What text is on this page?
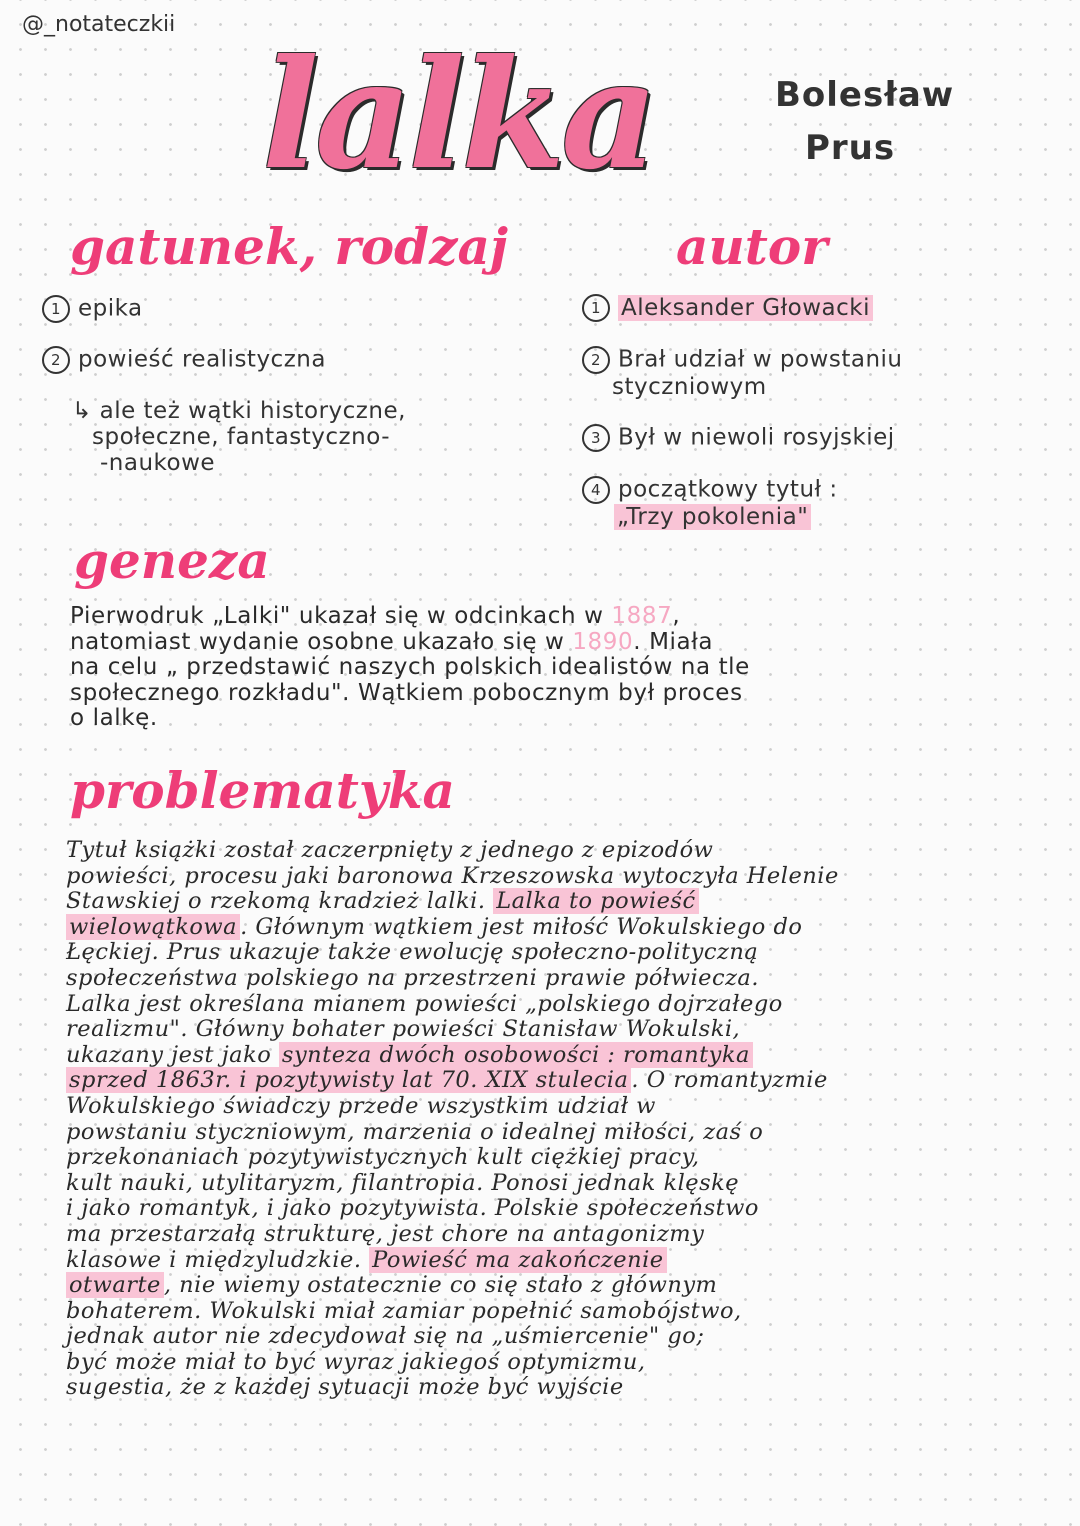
@_notateczkii
lalka	Bolesław
Prus
gatunek, rodzaj
1 epika
2 powieść realistyczna
↳ ale też wątki historyczne,
społeczne, fantastyczno-
-naukowe
autor
1 Aleksander Głowacki
2 Brał udział w powstaniu
styczniowym
3 Był w niewoli rosyjskiej
4 początkowy tytuł :
„Trzy pokolenia"
geneza
Pierwodruk „Lalki" ukazał się w odcinkach w 1887,
natomiast wydanie osobne ukazało się w 1890. Miała
na celu „ przedstawić naszych polskich idealistów na tle
społecznego rozkładu". Wątkiem pobocznym był proces
o lalkę.
problematyka
Tytuł książki został zaczerpnięty z jednego z epizodów
powieści, procesu jaki baronowa Krzeszowska wytoczyła Helenie
Stawskiej o rzekomą kradzież lalki. Lalka to powieść
wielowątkowa . Głównym wątkiem jest miłość Wokulskiego do
Łęckiej. Prus ukazuje także ewolucję społeczno-polityczną
społeczeństwa polskiego na przestrzeni prawie półwiecza.
Lalka jest określana mianem powieści „polskiego dojrzałego
realizmu". Główny bohater powieści Stanisław Wokulski,
ukazany jest jako synteza dwóch osobowości : romantyka
sprzed 1863r. i pozytywisty lat 70. XIX stulecia . O romantyzmie
Wokulskiego świadczy przede wszystkim udział w
powstaniu styczniowym, marzenia o idealnej miłości, zaś o
przekonaniach pozytywistycznych kult ciężkiej pracy,
kult nauki, utylitaryzm, filantropia. Ponosi jednak klęskę
i jako romantyk, i jako pozytywista. Polskie społeczeństwo
ma przestarzałą strukturę, jest chore na antagonizmy
klasowe i międzyludzkie. Powieść ma zakończenie
otwarte , nie wiemy ostatecznie co się stało z głównym
bohaterem. Wokulski miał zamiar popełnić samobójstwo,
jednak autor nie zdecydował się na „uśmiercenie" go;
być może miał to być wyraz jakiegoś optymizmu,
sugestia, że z każdej sytuacji może być wyjście
